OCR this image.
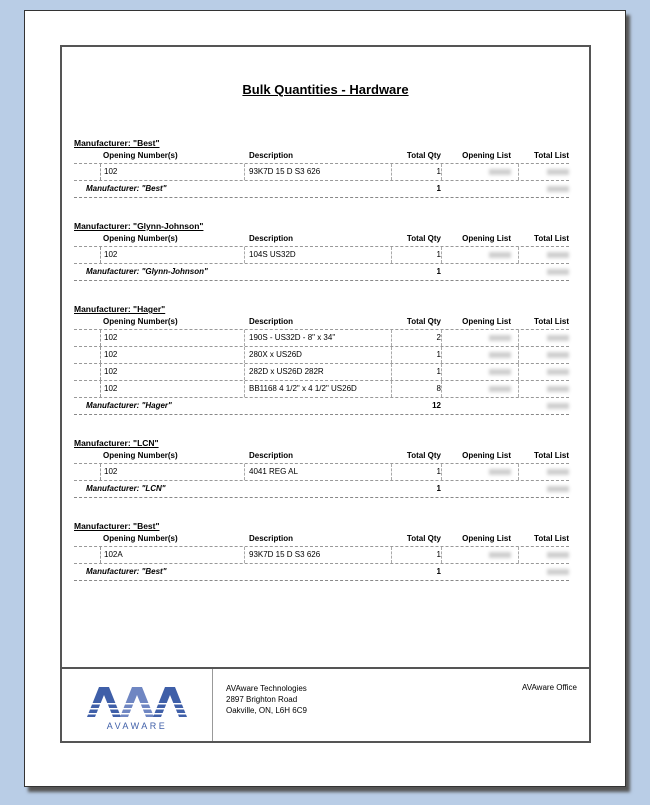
Bulk Quantities - Hardware
Manufacturer: "Best"
Opening Number(s)	Description	Total Qty	Opening List	Total List
102	93K7D 15 D S3 626	1
Manufacturer: "Best"	1
Manufacturer: "Glynn-Johnson"
Opening Number(s)	Description	Total Qty	Opening List	Total List
102	104S US32D	1
Manufacturer: "Glynn-Johnson"	1
Manufacturer: "Hager"
Opening Number(s)	Description	Total Qty	Opening List	Total List
102	190S - US32D - 8" x 34"	2
102	280X x US26D	1
102	282D x US26D 282R	1
102	BB1168 4 1/2" x 4 1/2" US26D	8
Manufacturer: "Hager"	12
Manufacturer: "LCN"
Opening Number(s)	Description	Total Qty	Opening List	Total List
102	4041 REG AL	1
Manufacturer: "LCN"	1
Manufacturer: "Best"
Opening Number(s)	Description	Total Qty	Opening List	Total List
102A	93K7D 15 D S3 626	1
Manufacturer: "Best"	1
AVAWARE
AVAware Technologies
2897 Brighton Road
Oakville, ON, L6H 6C9
AVAware Office
